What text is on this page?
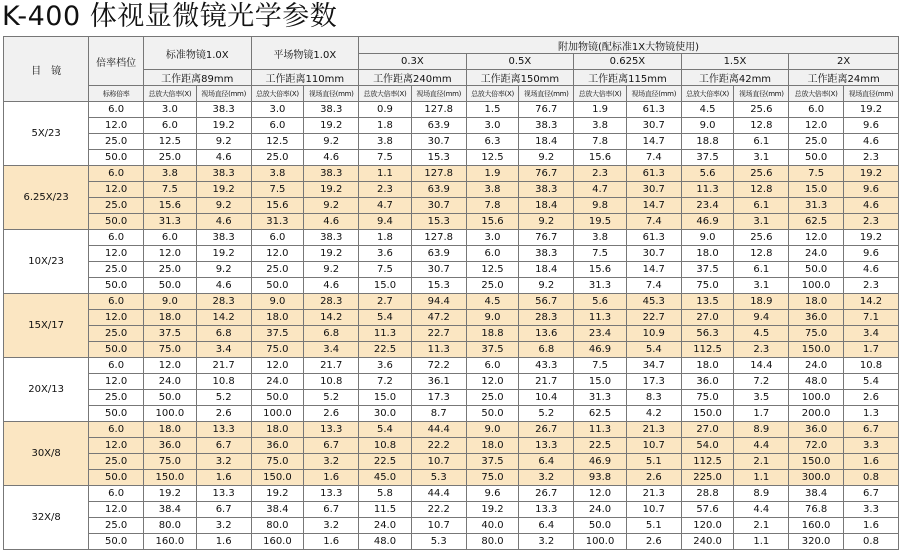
K-400 体视显微镜光学参数
目　镜	倍率档位	标准物镜1.0X		平场物镜1.0X		附加物镜(配标准1X大物镜使用)									
						0.3X		0.5X		0.625X		1.5X		2X	
		工作距离89mm		工作距离110mm		工作距离240mm		工作距离150mm		工作距离115mm		工作距离42mm		工作距离24mm	
	标称倍率	总放大倍率(X)	视场直径(mm)	总放大倍率(X)	视场直径(mm)	总放大倍率(X)	视场直径(mm)	总放大倍率(X)	视场直径(mm)	总放大倍率(X)	视场直径(mm)	总放大倍率(X)	视场直径(mm)	总放大倍率(X)	视场直径(mm)
5X/23	6.0	3.0	38.3	3.0	38.3	0.9	127.8	1.5	76.7	1.9	61.3	4.5	25.6	6.0	19.2
	12.0	6.0	19.2	6.0	19.2	1.8	63.9	3.0	38.3	3.8	30.7	9.0	12.8	12.0	9.6
	25.0	12.5	9.2	12.5	9.2	3.8	30.7	6.3	18.4	7.8	14.7	18.8	6.1	25.0	4.6
	50.0	25.0	4.6	25.0	4.6	7.5	15.3	12.5	9.2	15.6	7.4	37.5	3.1	50.0	2.3
6.25X/23	6.0	3.8	38.3	3.8	38.3	1.1	127.8	1.9	76.7	2.3	61.3	5.6	25.6	7.5	19.2
	12.0	7.5	19.2	7.5	19.2	2.3	63.9	3.8	38.3	4.7	30.7	11.3	12.8	15.0	9.6
	25.0	15.6	9.2	15.6	9.2	4.7	30.7	7.8	18.4	9.8	14.7	23.4	6.1	31.3	4.6
	50.0	31.3	4.6	31.3	4.6	9.4	15.3	15.6	9.2	19.5	7.4	46.9	3.1	62.5	2.3
10X/23	6.0	6.0	38.3	6.0	38.3	1.8	127.8	3.0	76.7	3.8	61.3	9.0	25.6	12.0	19.2
	12.0	12.0	19.2	12.0	19.2	3.6	63.9	6.0	38.3	7.5	30.7	18.0	12.8	24.0	9.6
	25.0	25.0	9.2	25.0	9.2	7.5	30.7	12.5	18.4	15.6	14.7	37.5	6.1	50.0	4.6
	50.0	50.0	4.6	50.0	4.6	15.0	15.3	25.0	9.2	31.3	7.4	75.0	3.1	100.0	2.3
15X/17	6.0	9.0	28.3	9.0	28.3	2.7	94.4	4.5	56.7	5.6	45.3	13.5	18.9	18.0	14.2
	12.0	18.0	14.2	18.0	14.2	5.4	47.2	9.0	28.3	11.3	22.7	27.0	9.4	36.0	7.1
	25.0	37.5	6.8	37.5	6.8	11.3	22.7	18.8	13.6	23.4	10.9	56.3	4.5	75.0	3.4
	50.0	75.0	3.4	75.0	3.4	22.5	11.3	37.5	6.8	46.9	5.4	112.5	2.3	150.0	1.7
20X/13	6.0	12.0	21.7	12.0	21.7	3.6	72.2	6.0	43.3	7.5	34.7	18.0	14.4	24.0	10.8
	12.0	24.0	10.8	24.0	10.8	7.2	36.1	12.0	21.7	15.0	17.3	36.0	7.2	48.0	5.4
	25.0	50.0	5.2	50.0	5.2	15.0	17.3	25.0	10.4	31.3	8.3	75.0	3.5	100.0	2.6
	50.0	100.0	2.6	100.0	2.6	30.0	8.7	50.0	5.2	62.5	4.2	150.0	1.7	200.0	1.3
30X/8	6.0	18.0	13.3	18.0	13.3	5.4	44.4	9.0	26.7	11.3	21.3	27.0	8.9	36.0	6.7
	12.0	36.0	6.7	36.0	6.7	10.8	22.2	18.0	13.3	22.5	10.7	54.0	4.4	72.0	3.3
	25.0	75.0	3.2	75.0	3.2	22.5	10.7	37.5	6.4	46.9	5.1	112.5	2.1	150.0	1.6
	50.0	150.0	1.6	150.0	1.6	45.0	5.3	75.0	3.2	93.8	2.6	225.0	1.1	300.0	0.8
32X/8	6.0	19.2	13.3	19.2	13.3	5.8	44.4	9.6	26.7	12.0	21.3	28.8	8.9	38.4	6.7
	12.0	38.4	6.7	38.4	6.7	11.5	22.2	19.2	13.3	24.0	10.7	57.6	4.4	76.8	3.3
	25.0	80.0	3.2	80.0	3.2	24.0	10.7	40.0	6.4	50.0	5.1	120.0	2.1	160.0	1.6
	50.0	160.0	1.6	160.0	1.6	48.0	5.3	80.0	3.2	100.0	2.6	240.0	1.1	320.0	0.8
